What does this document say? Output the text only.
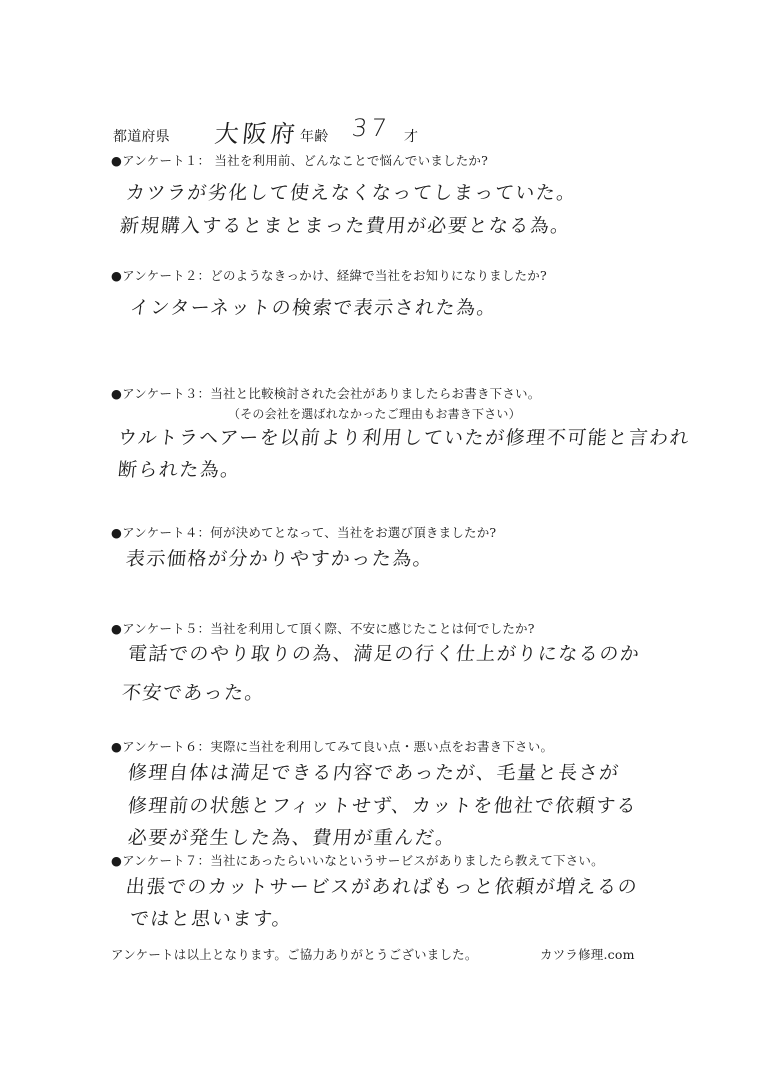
都道府県 大阪府 年齢 37 才
●アンケート１： 当社を利用前、どんなことで悩んでいましたか?
カツラが劣化して使えなくなってしまっていた。
新規購入するとまとまった費用が必要となる為。
●アンケート２：どのようなきっかけ、経緯で当社をお知りになりましたか?
インターネットの検索で表示された為。
●アンケート３：当社と比較検討された会社がありましたらお書き下さい。
（その会社を選ばれなかったご理由もお書き下さい）
ウルトラヘアーを以前より利用していたが修理不可能と言われ
断られた為。
●アンケート４：何が決めてとなって、当社をお選び頂きましたか?
表示価格が分かりやすかった為。
●アンケート５：当社を利用して頂く際、不安に感じたことは何でしたか?
電話でのやり取りの為、満足の行く仕上がりになるのか
不安であった。
●アンケート６：実際に当社を利用してみて良い点・悪い点をお書き下さい。
修理自体は満足できる内容であったが、毛量と長さが
修理前の状態とフィットせず、カットを他社で依頼する
必要が発生した為、費用が重んだ。
●アンケート７：当社にあったらいいなというサービスがありましたら教えて下さい。
出張でのカットサービスがあればもっと依頼が増えるの
ではと思います。
アンケートは以上となります。ご協力ありがとうございました。	カツラ修理.com
